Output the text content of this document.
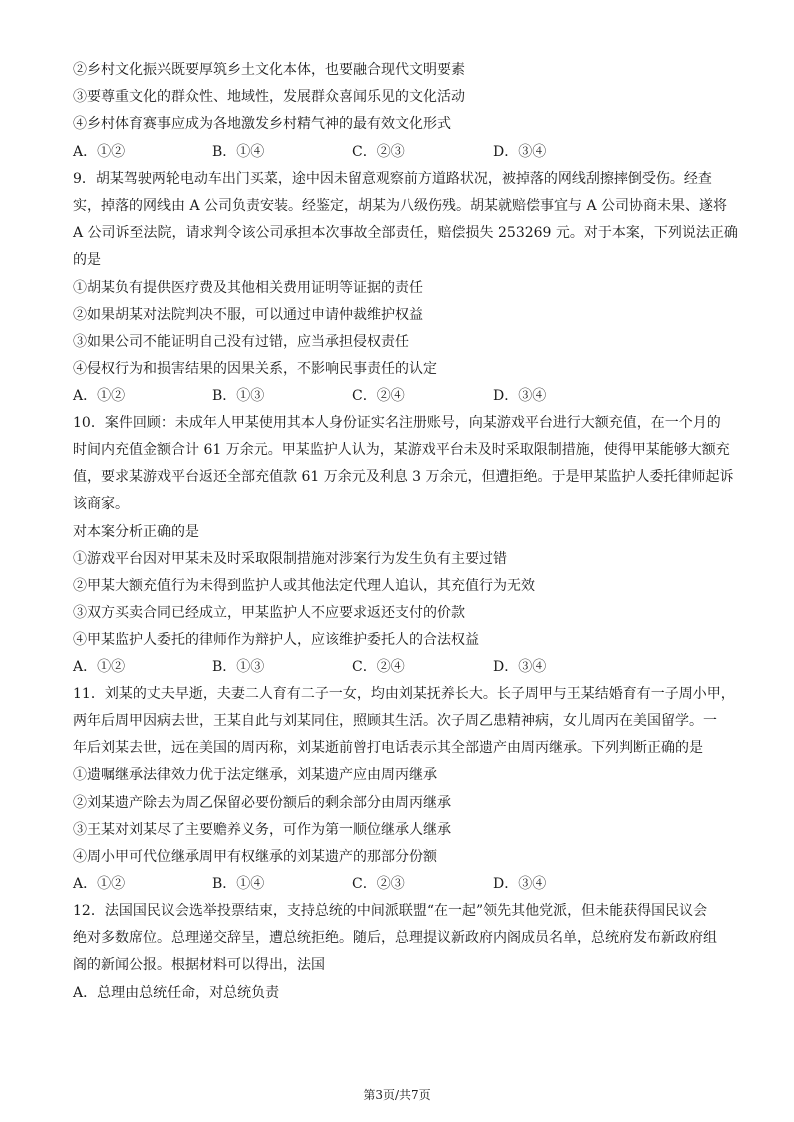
②乡村文化振兴既要厚筑乡土文化本体，也要融合现代文明要素
③要尊重文化的群众性、地域性，发展群众喜闻乐见的文化活动
④乡村体育赛事应成为各地激发乡村精气神的最有效文化形式
A．①②	B．①④	C．②③	D．③④
9．胡某驾驶两轮电动车出门买菜，途中因未留意观察前方道路状况，被掉落的网线刮擦摔倒受伤。经查
实，掉落的网线由 A 公司负责安装。经鉴定，胡某为八级伤残。胡某就赔偿事宜与 A 公司协商未果、遂将
A 公司诉至法院，请求判令该公司承担本次事故全部责任，赔偿损失 253269 元。对于本案，下列说法正确
的是
①胡某负有提供医疗费及其他相关费用证明等证据的责任
②如果胡某对法院判决不服，可以通过申请仲裁维护权益
③如果公司不能证明自己没有过错，应当承担侵权责任
④侵权行为和损害结果的因果关系，不影响民事责任的认定
A．①②	B．①③	C．②④	D．③④
10．案件回顾：未成年人甲某使用其本人身份证实名注册账号，向某游戏平台进行大额充值，在一个月的
时间内充值金额合计 61 万余元。甲某监护人认为，某游戏平台未及时采取限制措施，使得甲某能够大额充
值，要求某游戏平台返还全部充值款 61 万余元及利息 3 万余元，但遭拒绝。于是甲某监护人委托律师起诉
该商家。
对本案分析正确的是
①游戏平台因对甲某未及时采取限制措施对涉案行为发生负有主要过错
②甲某大额充值行为未得到监护人或其他法定代理人追认，其充值行为无效
③双方买卖合同已经成立，甲某监护人不应要求返还支付的价款
④甲某监护人委托的律师作为辩护人，应该维护委托人的合法权益
A．①②	B．①③	C．②④	D．③④
11．刘某的丈夫早逝，夫妻二人育有二子一女，均由刘某抚养长大。长子周甲与王某结婚育有一子周小甲，
两年后周甲因病去世，王某自此与刘某同住，照顾其生活。次子周乙患精神病，女儿周丙在美国留学。一
年后刘某去世，远在美国的周丙称，刘某逝前曾打电话表示其全部遗产由周丙继承。下列判断正确的是
①遗嘱继承法律效力优于法定继承，刘某遗产应由周丙继承
②刘某遗产除去为周乙保留必要份额后的剩余部分由周丙继承
③王某对刘某尽了主要赡养义务，可作为第一顺位继承人继承
④周小甲可代位继承周甲有权继承的刘某遗产的那部分份额
A．①②	B．①④	C．②③	D．③④
12．法国国民议会选举投票结束，支持总统的中间派联盟“在一起”领先其他党派，但未能获得国民议会
绝对多数席位。总理递交辞呈，遭总统拒绝。随后，总理提议新政府内阁成员名单，总统府发布新政府组
阁的新闻公报。根据材料可以得出，法国
A．总理由总统任命，对总统负责
第3页/共7页
